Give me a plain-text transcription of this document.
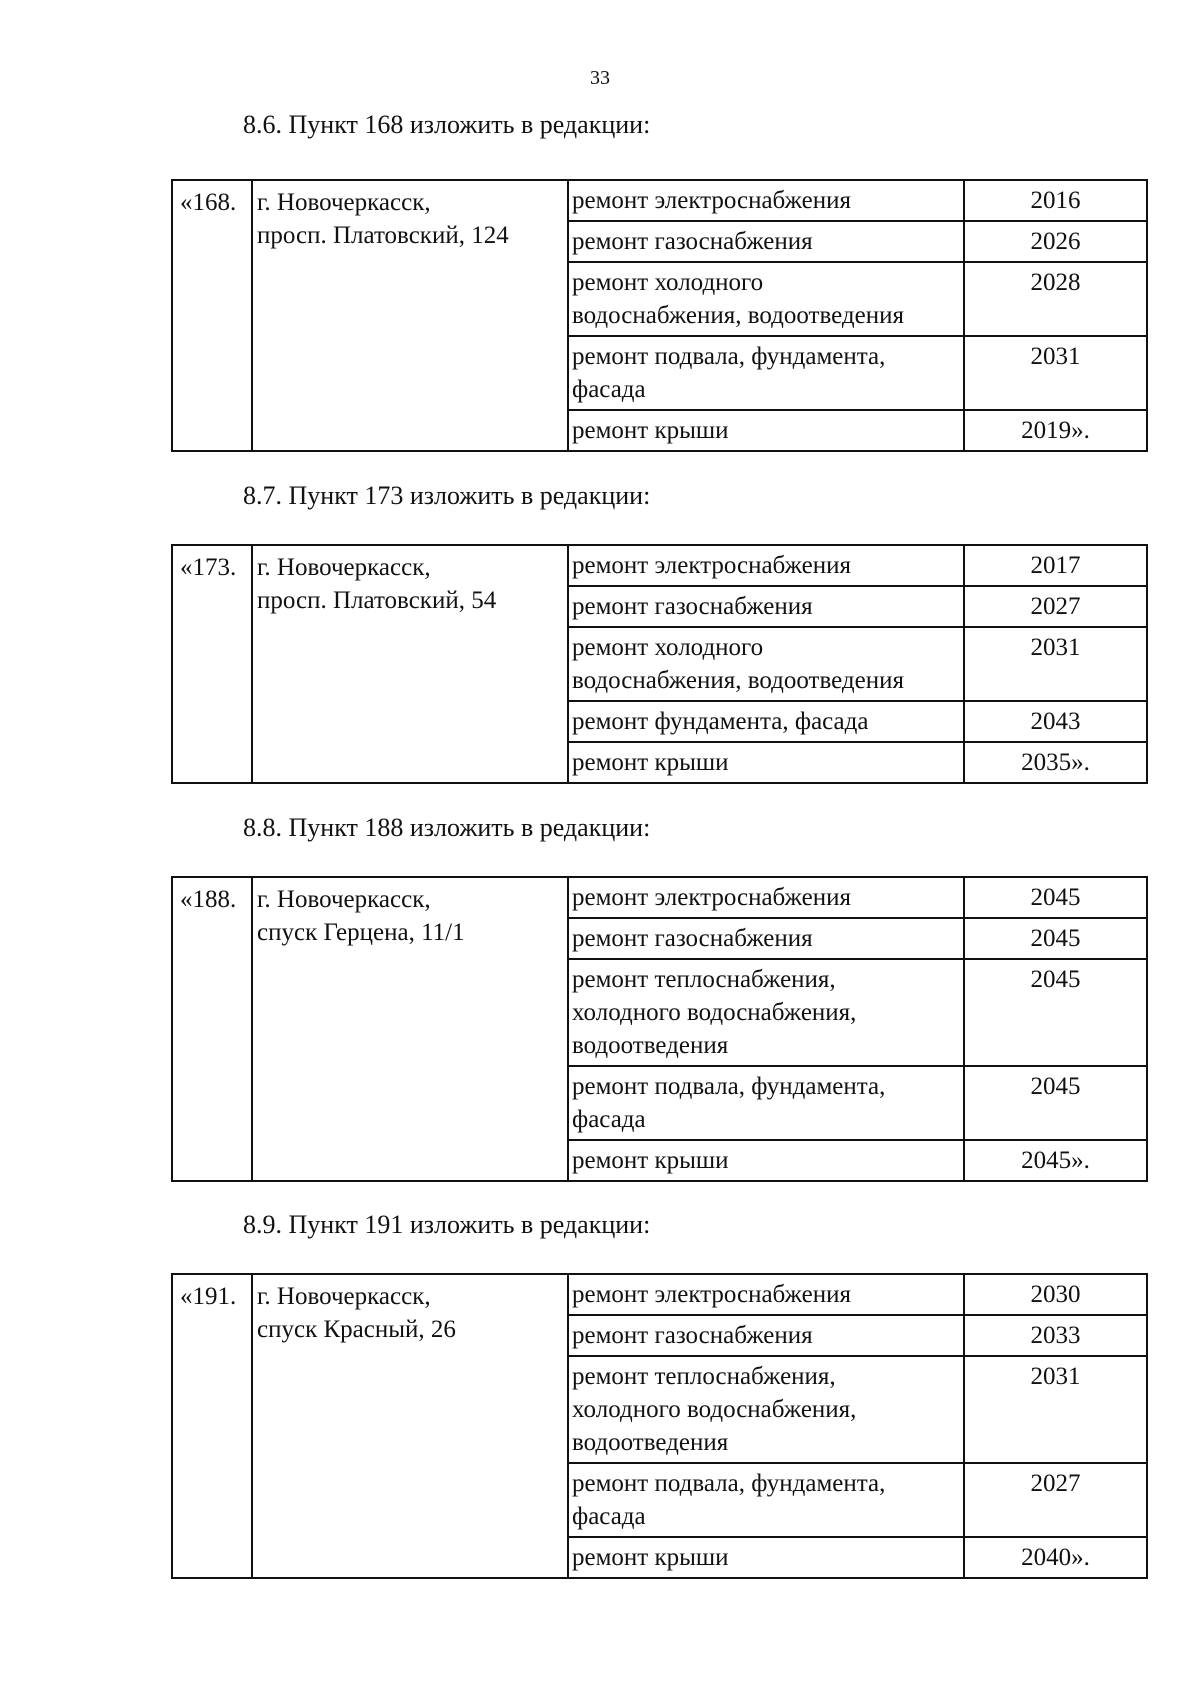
33
8.6. Пункт 168 изложить в редакции:
8.7. Пункт 173 изложить в редакции:
8.8. Пункт 188 изложить в редакции:
8.9. Пункт 191 изложить в редакции:
«168.	г. Новочеркасск,
просп. Платовский, 124	ремонт электроснабжения	2016

		ремонт газоснабжения	2026

		ремонт холодного
водоснабжения, водоотведения	2028

		ремонт подвала, фундамента,
фасада	2031

		ремонт крыши	2019».
«173.	г. Новочеркасск,
просп. Платовский, 54	ремонт электроснабжения	2017

		ремонт газоснабжения	2027

		ремонт холодного
водоснабжения, водоотведения	2031

		ремонт фундамента, фасада	2043

		ремонт крыши	2035».
«188.	г. Новочеркасск,
спуск Герцена, 11/1	ремонт электроснабжения	2045

		ремонт газоснабжения	2045

		ремонт теплоснабжения,
холодного водоснабжения,
водоотведения	2045

		ремонт подвала, фундамента,
фасада	2045

		ремонт крыши	2045».
«191.	г. Новочеркасск,
спуск Красный, 26	ремонт электроснабжения	2030

		ремонт газоснабжения	2033

		ремонт теплоснабжения,
холодного водоснабжения,
водоотведения	2031

		ремонт подвала, фундамента,
фасада	2027

		ремонт крыши	2040».
